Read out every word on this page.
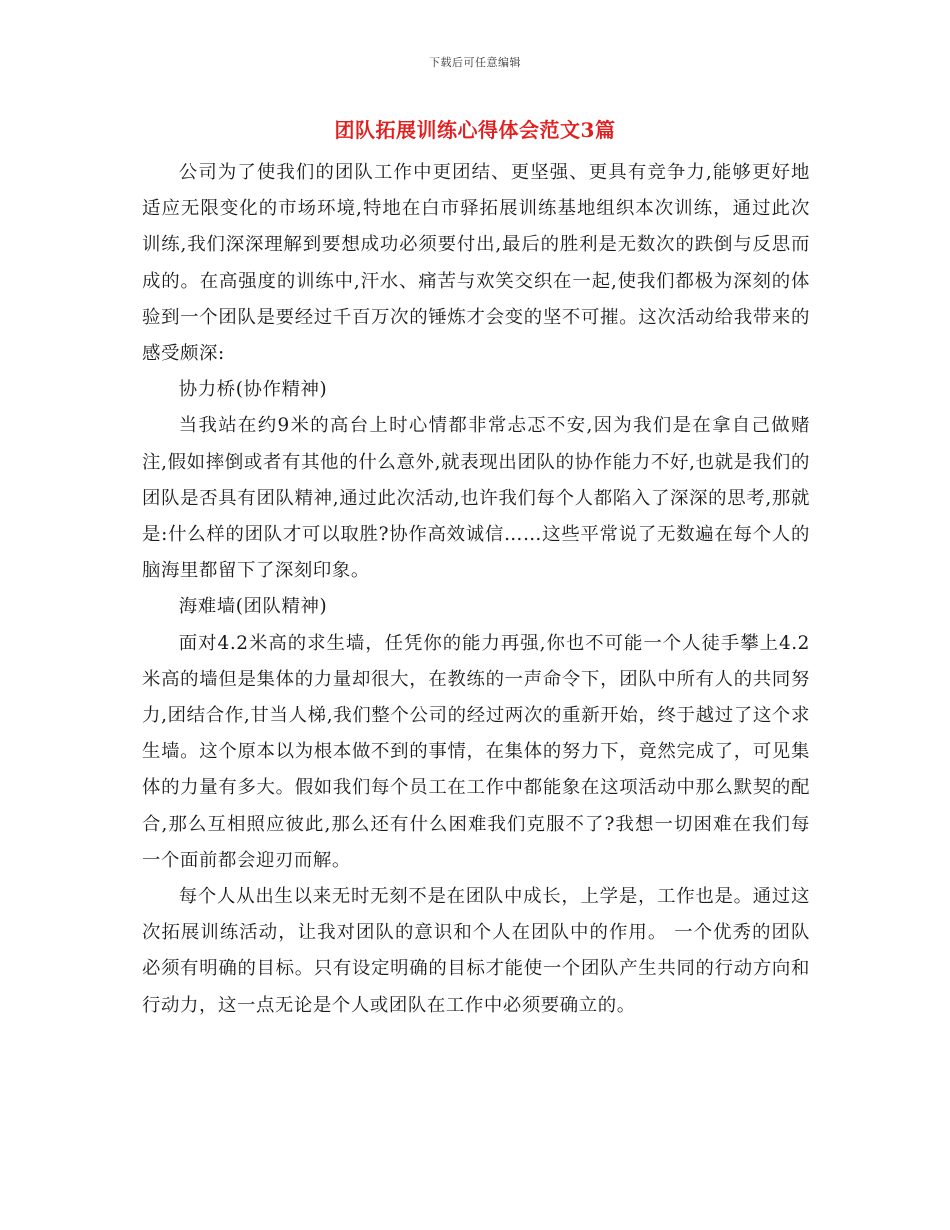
下载后可任意编辑
团队拓展训练心得体会范文3篇

公司为了使我们的团队工作中更团结、更坚强、更具有竞争力,能够更好地适应无限变化的市场环境,特地在白市驿拓展训练基地组织本次训练，通过此次训练,我们深深理解到要想成功必须要付出,最后的胜利是无数次的跌倒与反思而成的。在高强度的训练中,汗水、痛苦与欢笑交织在一起,使我们都极为深刻的体验到一个团队是要经过千百万次的锤炼才会变的坚不可摧。这次活动给我带来的感受颇深:

协力桥(协作精神)

当我站在约9米的高台上时心情都非常忐忑不安,因为我们是在拿自己做赌注,假如摔倒或者有其他的什么意外,就表现出团队的协作能力不好,也就是我们的团队是否具有团队精神,通过此次活动,也许我们每个人都陷入了深深的思考,那就是:什么样的团队才可以取胜?协作高效诚信……这些平常说了无数遍在每个人的脑海里都留下了深刻印象。

海难墙(团队精神)

面对4.2米高的求生墙，任凭你的能力再强,你也不可能一个人徒手攀上4.2米高的墙但是集体的力量却很大，在教练的一声命令下，团队中所有人的共同努力,团结合作,甘当人梯,我们整个公司的经过两次的重新开始，终于越过了这个求生墙。这个原本以为根本做不到的事情，在集体的努力下，竟然完成了，可见集体的力量有多大。假如我们每个员工在工作中都能象在这项活动中那么默契的配合,那么互相照应彼此,那么还有什么困难我们克服不了?我想一切困难在我们每一个面前都会迎刃而解。

每个人从出生以来无时无刻不是在团队中成长，上学是，工作也是。通过这次拓展训练活动，让我对团队的意识和个人在团队中的作用。 一个优秀的团队必须有明确的目标。只有设定明确的目标才能使一个团队产生共同的行动方向和行动力，这一点无论是个人或团队在工作中必须要确立的。
